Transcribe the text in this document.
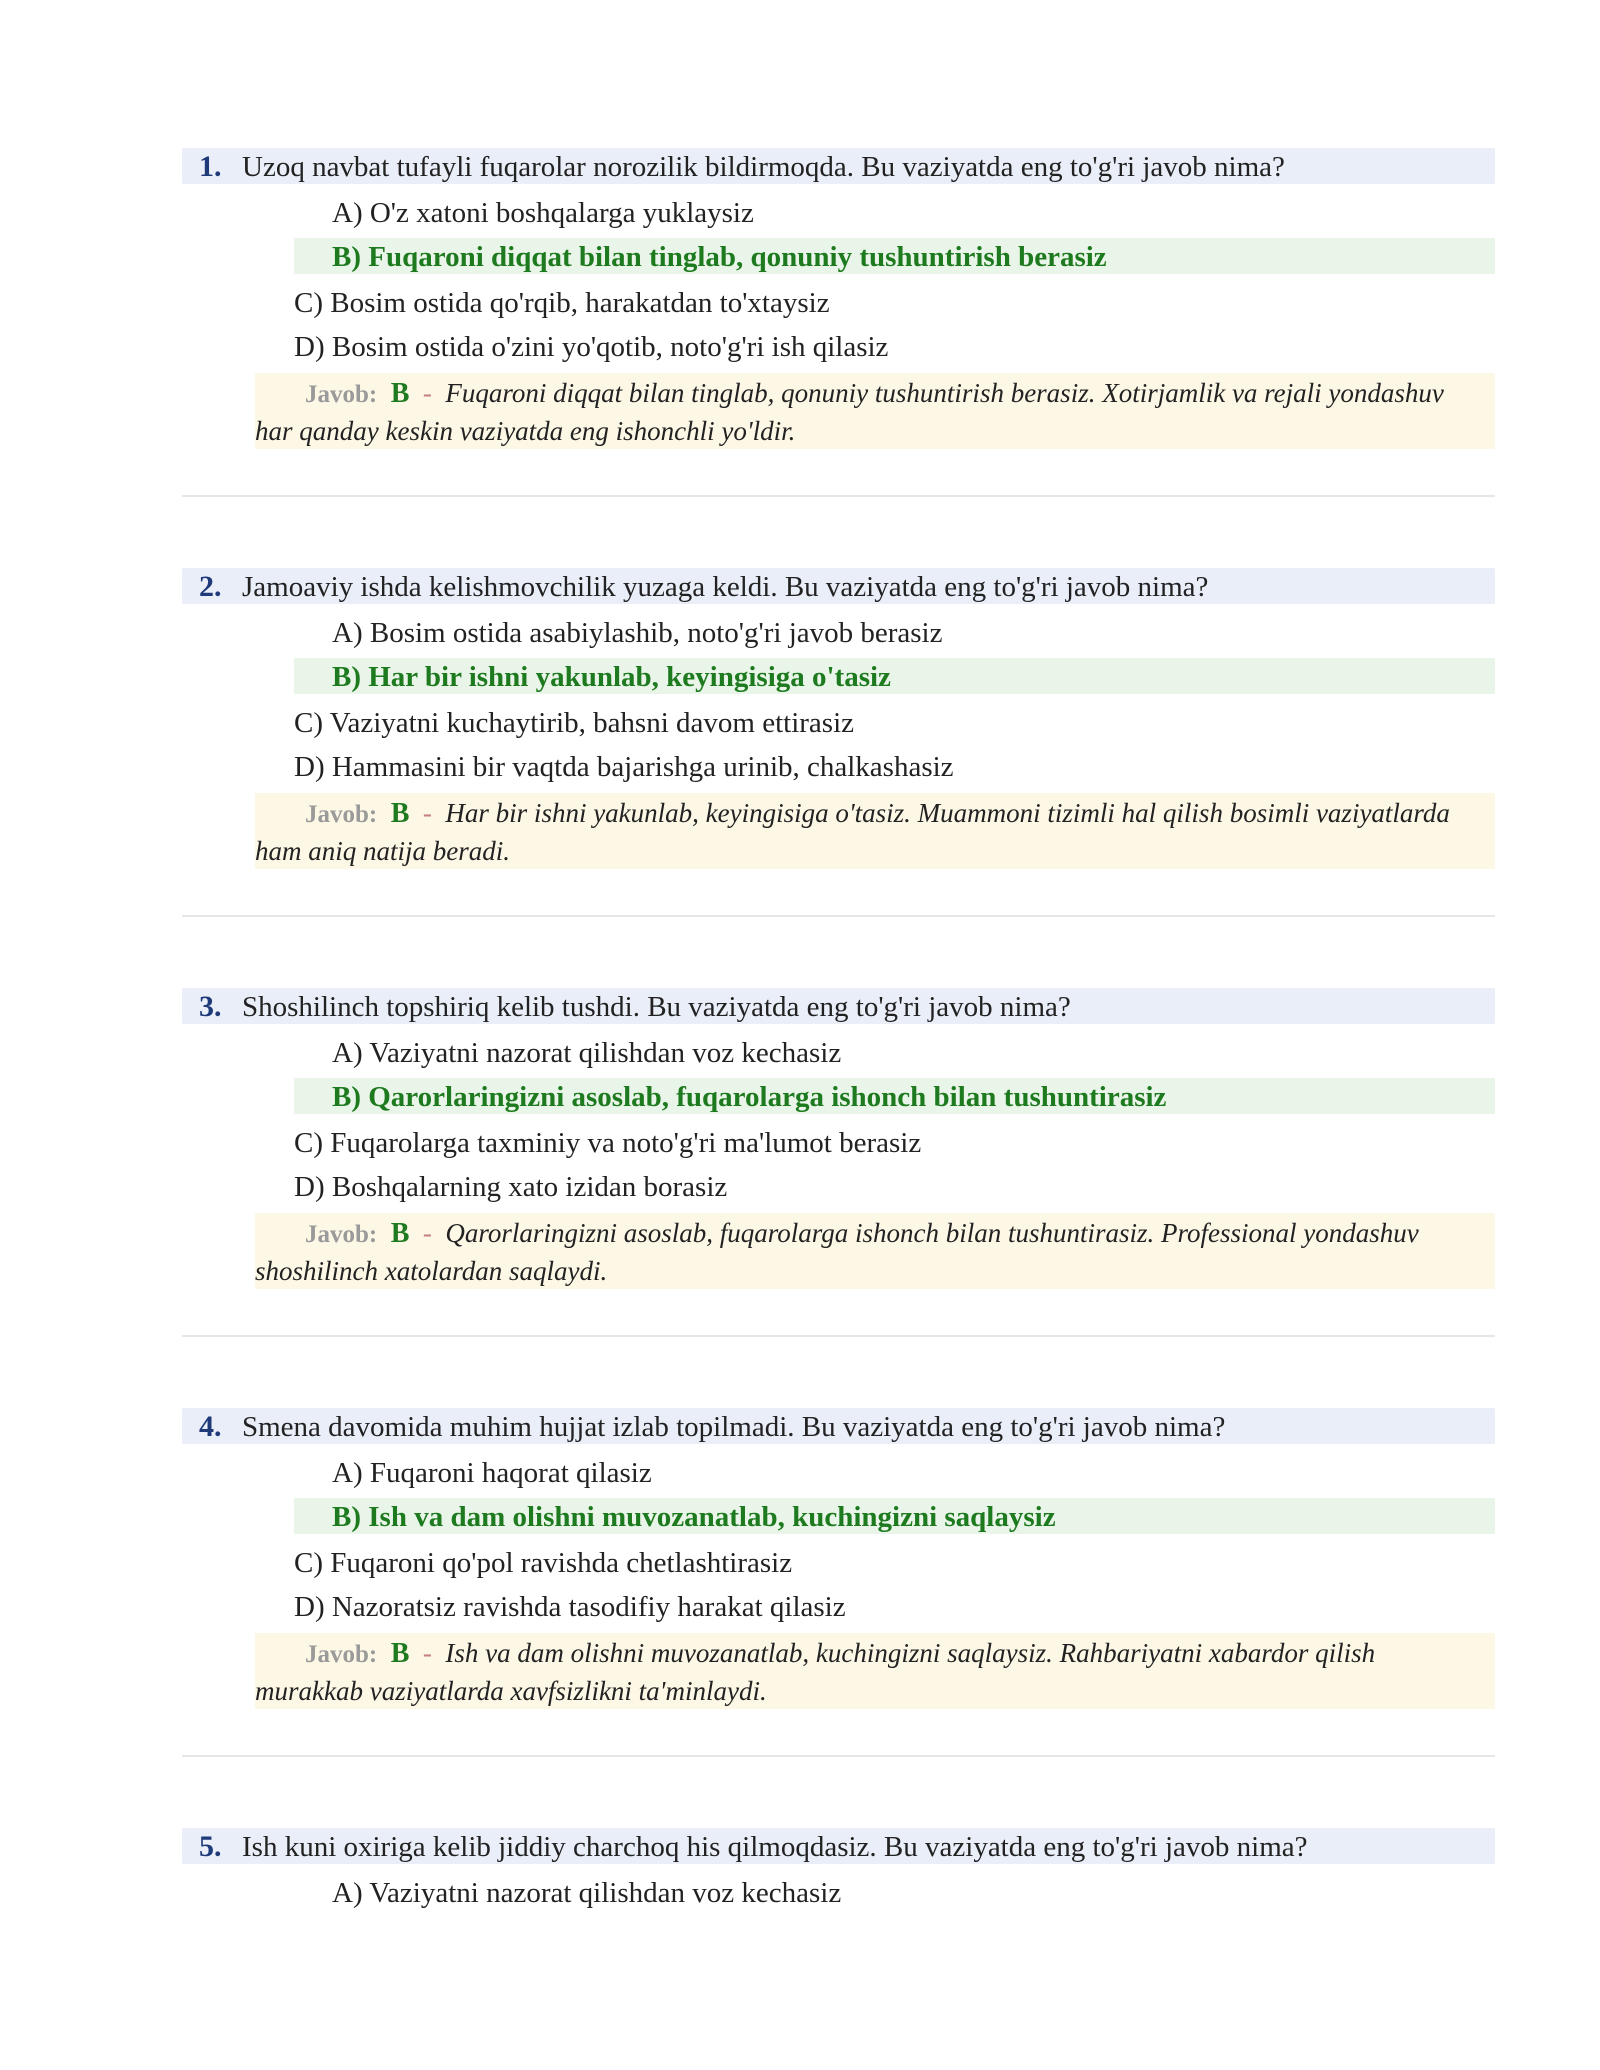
1. Uzoq navbat tufayli fuqarolar norozilik bildirmoqda. Bu vaziyatda eng to'g'ri javob nima?
A) O'z xatoni boshqalarga yuklaysiz
B) Fuqaroni diqqat bilan tinglab, qonuniy tushuntirish berasiz
C) Bosim ostida qo'rqib, harakatdan to'xtaysiz
D) Bosim ostida o'zini yo'qotib, noto'g'ri ish qilasiz
Javob: B - Fuqaroni diqqat bilan tinglab, qonuniy tushuntirish berasiz. Xotirjamlik va rejali yondashuv har qanday keskin vaziyatda eng ishonchli yo'ldir.
2. Jamoaviy ishda kelishmovchilik yuzaga keldi. Bu vaziyatda eng to'g'ri javob nima?
A) Bosim ostida asabiylashib, noto'g'ri javob berasiz
B) Har bir ishni yakunlab, keyingisiga o'tasiz
C) Vaziyatni kuchaytirib, bahsni davom ettirasiz
D) Hammasini bir vaqtda bajarishga urinib, chalkashasiz
Javob: B - Har bir ishni yakunlab, keyingisiga o'tasiz. Muammoni tizimli hal qilish bosimli vaziyatlarda ham aniq natija beradi.
3. Shoshilinch topshiriq kelib tushdi. Bu vaziyatda eng to'g'ri javob nima?
A) Vaziyatni nazorat qilishdan voz kechasiz
B) Qarorlaringizni asoslab, fuqarolarga ishonch bilan tushuntirasiz
C) Fuqarolarga taxminiy va noto'g'ri ma'lumot berasiz
D) Boshqalarning xato izidan borasiz
Javob: B - Qarorlaringizni asoslab, fuqarolarga ishonch bilan tushuntirasiz. Professional yondashuv shoshilinch xatolardan saqlaydi.
4. Smena davomida muhim hujjat izlab topilmadi. Bu vaziyatda eng to'g'ri javob nima?
A) Fuqaroni haqorat qilasiz
B) Ish va dam olishni muvozanatlab, kuchingizni saqlaysiz
C) Fuqaroni qo'pol ravishda chetlashtirasiz
D) Nazoratsiz ravishda tasodifiy harakat qilasiz
Javob: B - Ish va dam olishni muvozanatlab, kuchingizni saqlaysiz. Rahbariyatni xabardor qilish murakkab vaziyatlarda xavfsizlikni ta'minlaydi.
5. Ish kuni oxiriga kelib jiddiy charchoq his qilmoqdasiz. Bu vaziyatda eng to'g'ri javob nima?
A) Vaziyatni nazorat qilishdan voz kechasiz
